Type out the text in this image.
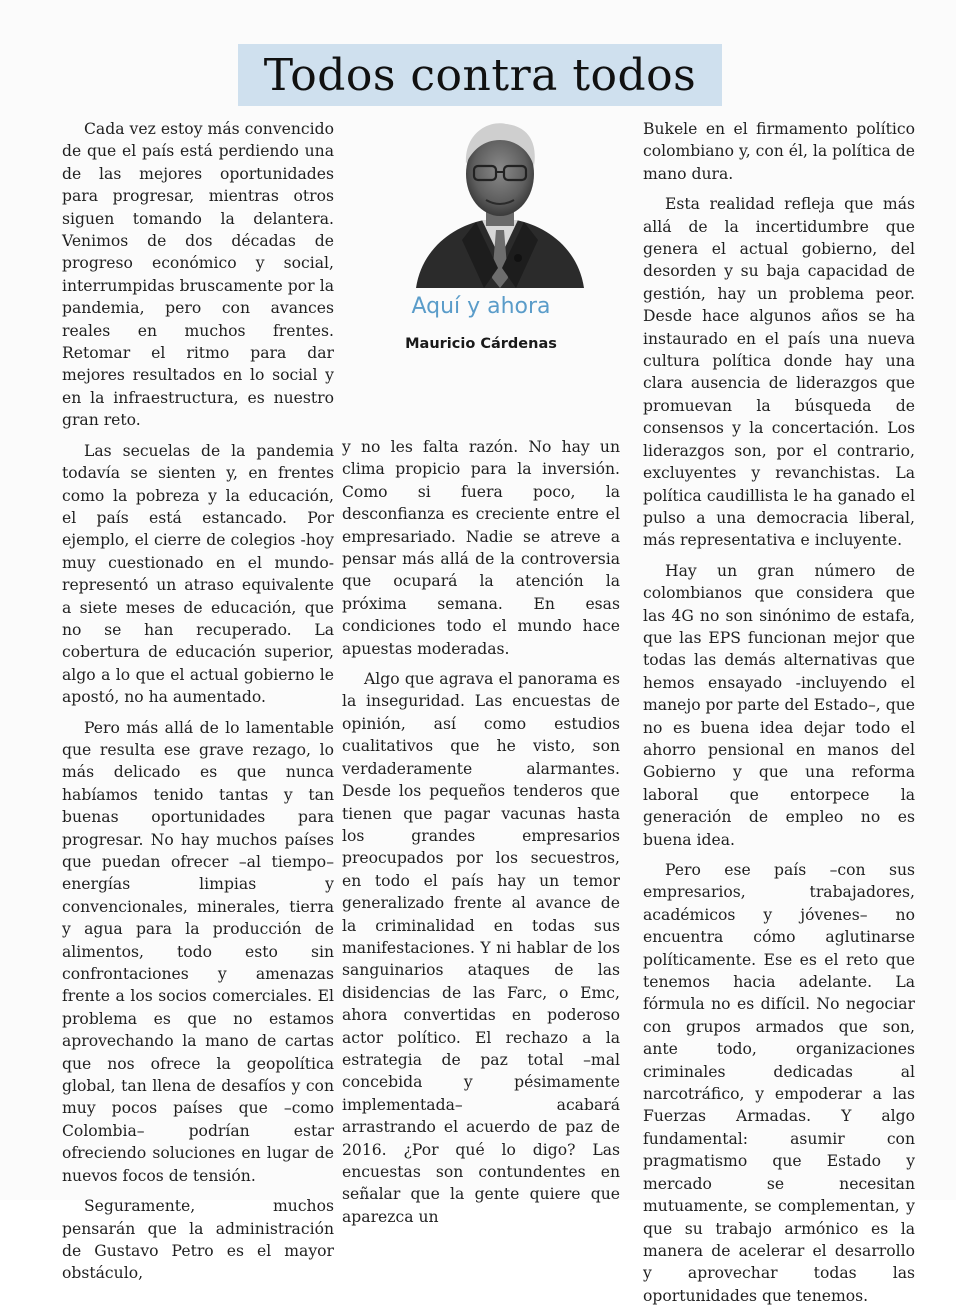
Todos contra todos
Aquí y ahora
Mauricio Cárdenas

Cada vez estoy más convencido de que el país está perdiendo una de las mejores oportunidades para progresar, mientras otros siguen tomando la delantera. Venimos de dos décadas de progreso económico y social, interrumpidas bruscamente por la pandemia, pero con avances reales en muchos frentes. Retomar el ritmo para dar mejores resultados en lo social y en la infraestructura, es nuestro gran reto.

Las secuelas de la pandemia todavía se sienten y, en frentes como la pobreza y la educación, el país está estancado. Por ejemplo, el cierre de colegios -hoy muy cuestionado en el mundo- representó un atraso equivalente a siete meses de educación, que no se han recuperado. La cobertura de educación superior, algo a lo que el actual gobierno le apostó, no ha aumentado.

Pero más allá de lo lamentable que resulta ese grave rezago, lo más delicado es que nunca habíamos tenido tantas y tan buenas oportunidades para progresar. No hay muchos países que puedan ofrecer –al tiempo– energías limpias y convencionales, minerales, tierra y agua para la producción de alimentos, todo esto sin confrontaciones y amenazas frente a los socios comerciales. El problema es que no estamos aprovechando la mano de cartas que nos ofrece la geopolítica global, tan llena de desafíos y con muy pocos países que –como Colombia– podrían estar ofreciendo soluciones en lugar de nuevos focos de tensión.

Seguramente, muchos pensarán que la administración de Gustavo Petro es el mayor obstáculo,

y no les falta razón. No hay un clima propicio para la inversión. Como si fuera poco, la desconfianza es creciente entre el empresariado. Nadie se atreve a pensar más allá de la controversia que ocupará la atención la próxima semana. En esas condiciones todo el mundo hace apuestas moderadas.

Algo que agrava el panorama es la inseguridad. Las encuestas de opinión, así como estudios cualitativos que he visto, son verdaderamente alarmantes. Desde los pequeños tenderos que tienen que pagar vacunas hasta los grandes empresarios preocupados por los secuestros, en todo el país hay un temor generalizado frente al avance de la criminalidad en todas sus manifestaciones. Y ni hablar de los sanguinarios ataques de las disidencias de las Farc, o Emc, ahora convertidas en poderoso actor político. El rechazo a la estrategia de paz total –mal concebida y pésimamente implementada– acabará arrastrando el acuerdo de paz de 2016. ¿Por qué lo digo? Las encuestas son contundentes en señalar que la gente quiere que aparezca un

Bukele en el firmamento político colombiano y, con él, la política de mano dura.

Esta realidad refleja que más allá de la incertidumbre que genera el actual gobierno, del desorden y su baja capacidad de gestión, hay un problema peor. Desde hace algunos años se ha instaurado en el país una nueva cultura política donde hay una clara ausencia de liderazgos que promuevan la búsqueda de consensos y la concertación. Los liderazgos son, por el contrario, excluyentes y revanchistas. La política caudillista le ha ganado el pulso a una democracia liberal, más representativa e incluyente.

Hay un gran número de colombianos que considera que las 4G no son sinónimo de estafa, que las EPS funcionan mejor que todas las demás alternativas que hemos ensayado -incluyendo el manejo por parte del Estado–, que no es buena idea dejar todo el ahorro pensional en manos del Gobierno y que una reforma laboral que entorpece la generación de empleo no es buena idea.

Pero ese país –con sus empresarios, trabajadores, académicos y jóvenes– no encuentra cómo aglutinarse políticamente. Ese es el reto que tenemos hacia adelante. La fórmula no es difícil. No negociar con grupos armados que son, ante todo, organizaciones criminales dedicadas al narcotráfico, y empoderar a las Fuerzas Armadas. Y algo fundamental: asumir con pragmatismo que Estado y mercado se necesitan mutuamente, se complementan, y que su trabajo armónico es la manera de acelerar el desarrollo y aprovechar todas las oportunidades que tenemos.
